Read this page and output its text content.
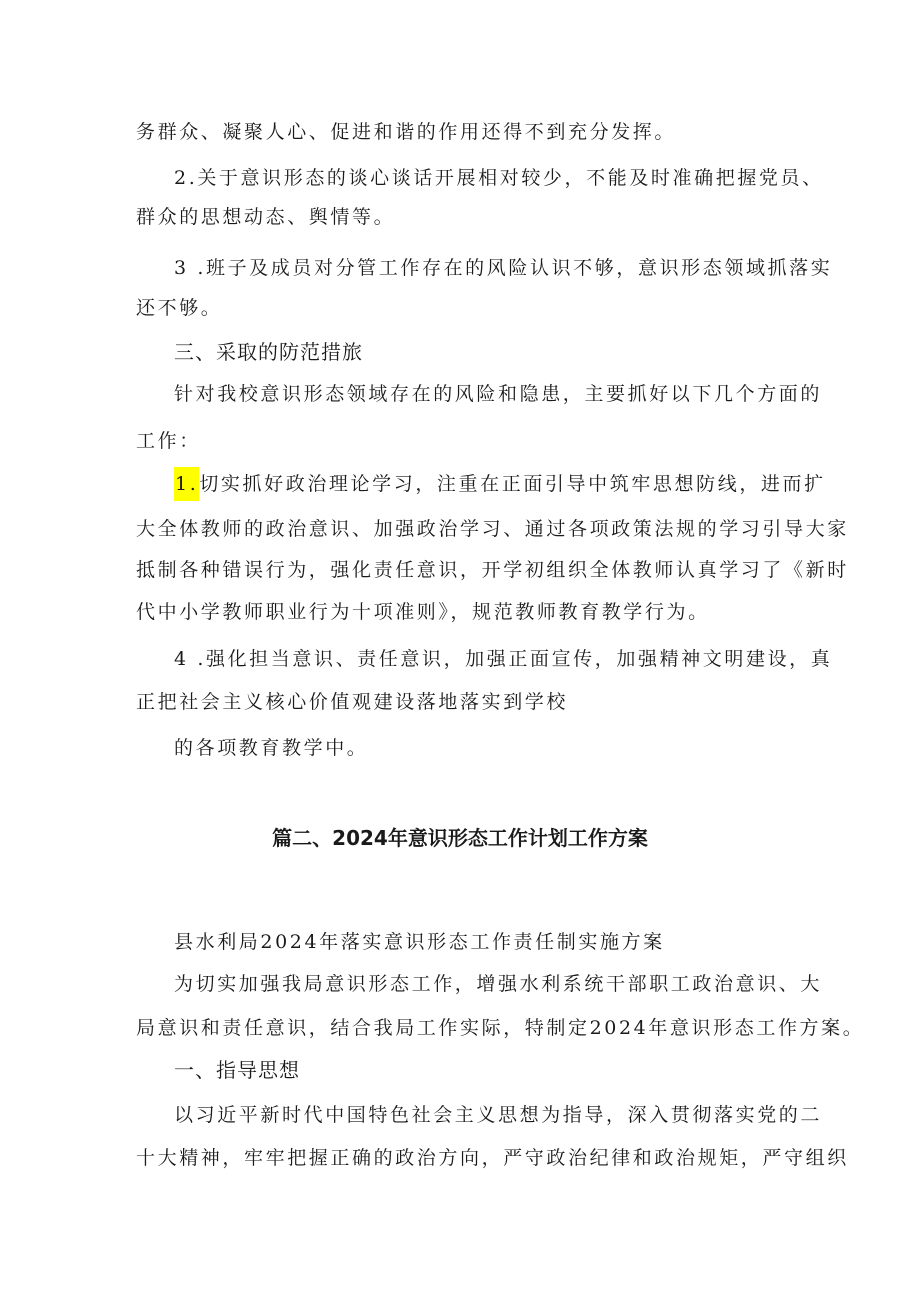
务群众、凝聚人心、促进和谐的作用还得不到充分发挥。
2.关于意识形态的谈心谈话开展相对较少，不能及时准确把握党员、
群众的思想动态、舆情等。
3 .班子及成员对分管工作存在的风险认识不够，意识形态领域抓落实
还不够。
三、采取的防范措旅
针对我校意识形态领域存在的风险和隐患，主要抓好以下几个方面的
工作：
1.切实抓好政治理论学习，注重在正面引导中筑牢思想防线，进而扩
大全体教师的政治意识、加强政治学习、通过各项政策法规的学习引导大家
抵制各种错误行为，强化责任意识，开学初组织全体教师认真学习了《新时
代中小学教师职业行为十项准则》，规范教师教育教学行为。
4 .强化担当意识、责任意识，加强正面宣传，加强精神文明建设，真
正把社会主义核心价值观建设落地落实到学校
的各项教育教学中。
篇二、2024年意识形态工作计划工作方案
县水利局2024年落实意识形态工作责任制实施方案
为切实加强我局意识形态工作，增强水利系统干部职工政治意识、大
局意识和责任意识，结合我局工作实际，特制定2024年意识形态工作方案。
一、指导思想
以习近平新时代中国特色社会主义思想为指导，深入贯彻落实党的二
十大精神，牢牢把握正确的政治方向，严守政治纪律和政治规矩，严守组织
